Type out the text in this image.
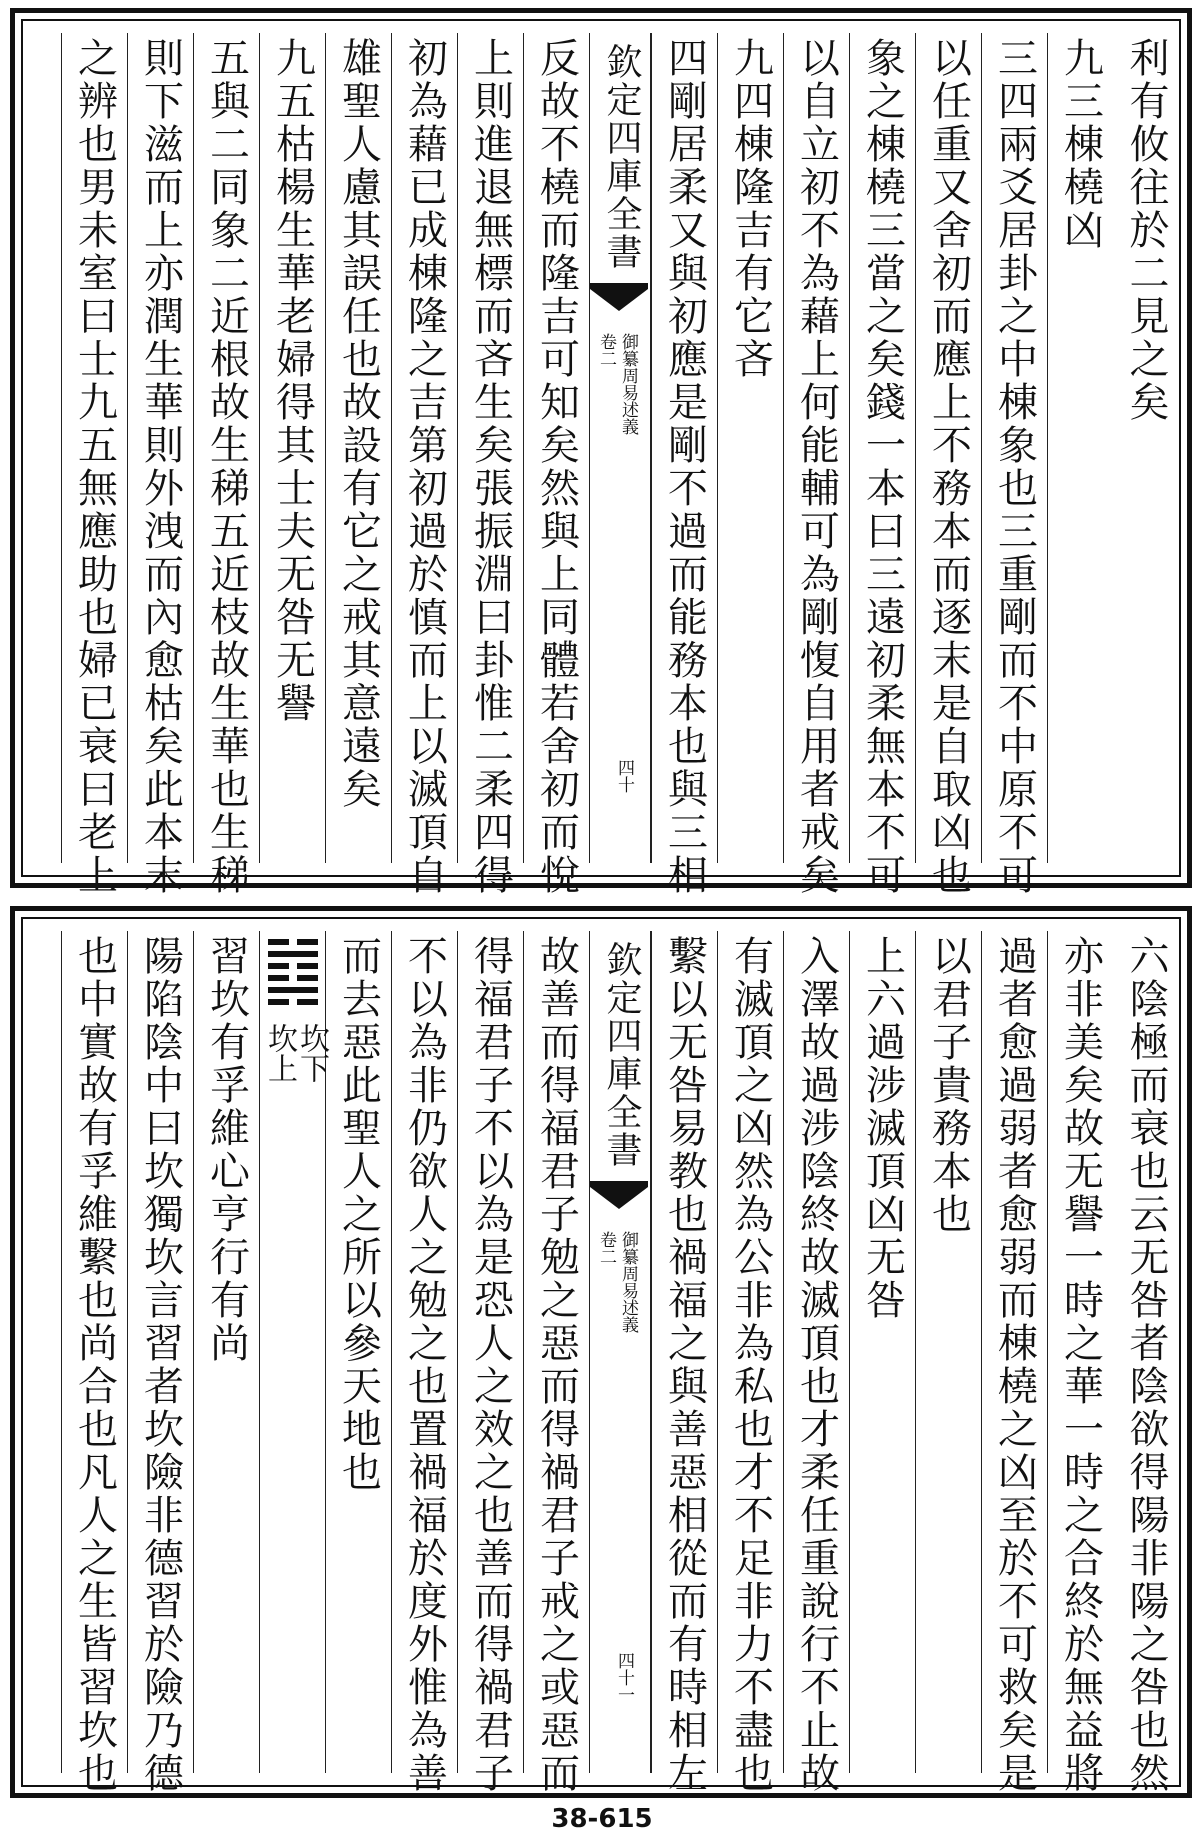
利有攸往於二見之矣
九三棟橈凶
三四兩爻居卦之中棟象也三重剛而不中原不可
以任重又舍初而應上不務本而逐末是自取凶也
象之棟橈三當之矣錢一本曰三遠初柔無本不可
以自立初不為藉上何能輔可為剛愎自用者戒矣
九四棟隆吉有它吝
四剛居柔又與初應是剛不過而能務本也與三相
欽定四庫全書
御纂周易述義
卷二
四十
反故不橈而隆吉可知矣然與上同體若舍初而悅
上則進退無標而吝生矣張振淵曰卦惟二柔四得
初為藉已成棟隆之吉第初過於慎而上以滅頂自
雄聖人慮其誤任也故設有它之戒其意遠矣
九五枯楊生華老婦得其士夫无咎无譽
五與二同象二近根故生稊五近枝故生華也生稊
則下滋而上亦潤生華則外洩而內愈枯矣此本末
之辨也男未室曰士九五無應助也婦已衰曰老上
六陰極而衰也云无咎者陰欲得陽非陽之咎也然
亦非美矣故无譽一時之華一時之合終於無益將
過者愈過弱者愈弱而棟橈之凶至於不可救矣是
以君子貴務本也
上六過涉滅頂凶无咎
入澤故過涉陰終故滅頂也才柔任重說行不止故
有滅頂之凶然為公非為私也才不足非力不盡也
繫以无咎易教也禍福之與善惡相從而有時相左
欽定四庫全書
御纂周易述義
卷二
四十一
故善而得福君子勉之惡而得禍君子戒之或惡而
得福君子不以為是恐人之效之也善而得禍君子
不以為非仍欲人之勉之也置禍福於度外惟為善
而去惡此聖人之所以參天地也
坎下
坎上
習坎有孚維心亨行有尚
陽陷陰中曰坎獨坎言習者坎險非德習於險乃德
也中實故有孚維繫也尚合也凡人之生皆習坎也
38-615
